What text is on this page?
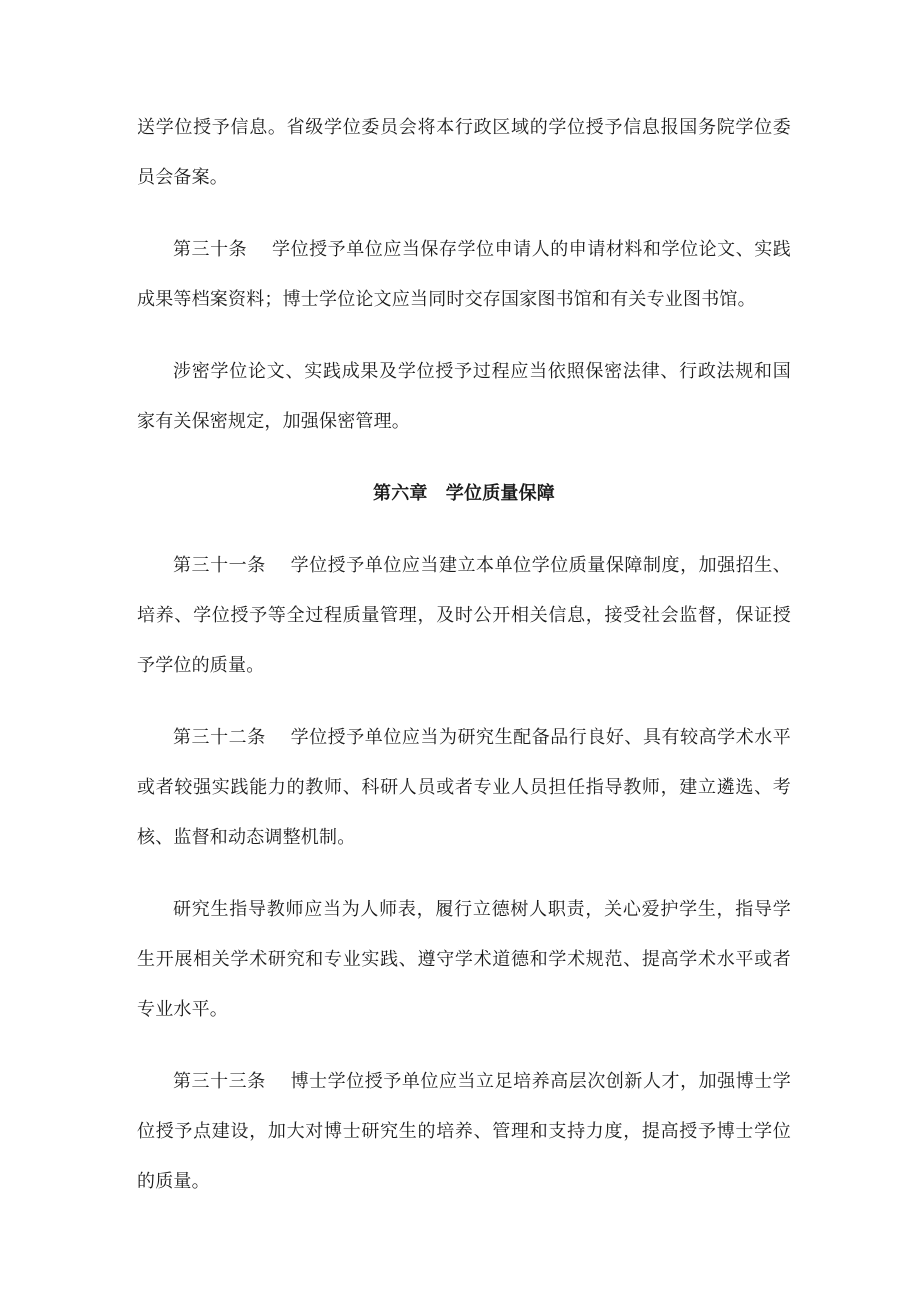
送学位授予信息。省级学位委员会将本行政区域的学位授予信息报国务院学位委员会备案。

第三十条　 学位授予单位应当保存学位申请人的申请材料和学位论文、实践成果等档案资料；博士学位论文应当同时交存国家图书馆和有关专业图书馆。

涉密学位论文、实践成果及学位授予过程应当依照保密法律、行政法规和国家有关保密规定，加强保密管理。

第六章　学位质量保障

第三十一条　 学位授予单位应当建立本单位学位质量保障制度，加强招生、培养、学位授予等全过程质量管理，及时公开相关信息，接受社会监督，保证授予学位的质量。

第三十二条　 学位授予单位应当为研究生配备品行良好、具有较高学术水平或者较强实践能力的教师、科研人员或者专业人员担任指导教师，建立遴选、考核、监督和动态调整机制。

研究生指导教师应当为人师表，履行立德树人职责，关心爱护学生，指导学生开展相关学术研究和专业实践、遵守学术道德和学术规范、提高学术水平或者专业水平。

第三十三条　 博士学位授予单位应当立足培养高层次创新人才，加强博士学位授予点建设，加大对博士研究生的培养、管理和支持力度，提高授予博士学位的质量。
